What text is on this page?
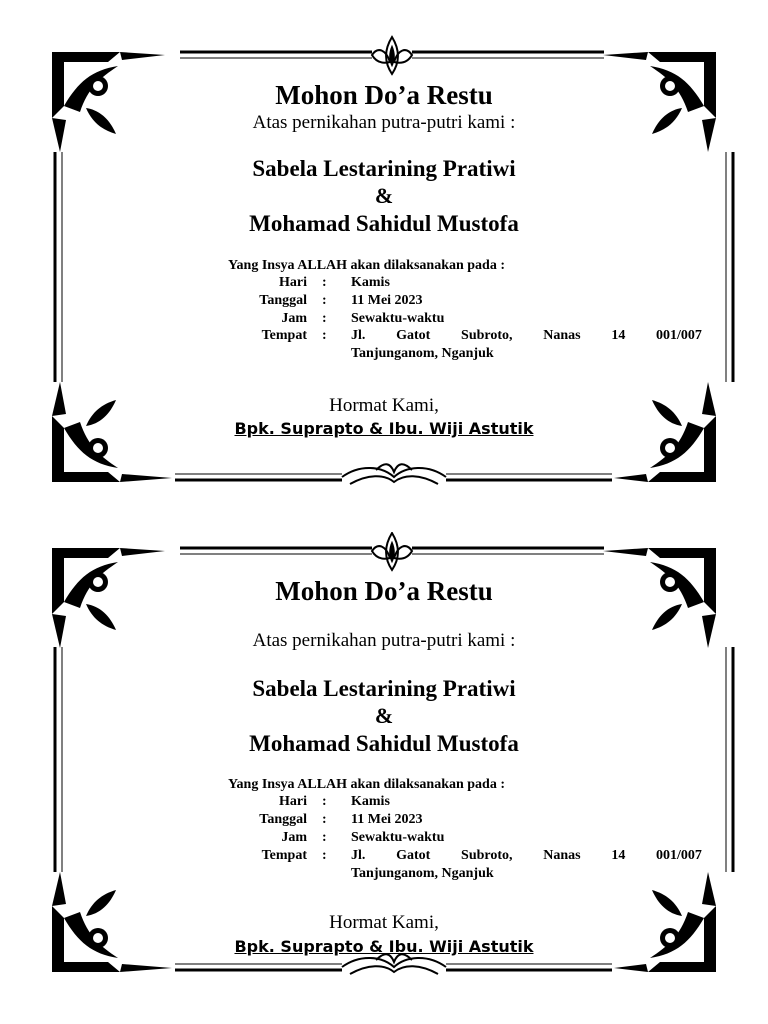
Mohon Do’a Restu
Atas pernikahan putra-putri kami :
Sabela Lestarining Pratiwi
&
Mohamad Sahidul Mustofa
Yang Insya ALLAH akan dilaksanakan pada :
Hari : Kamis
Tanggal : 11 Mei 2023
Jam : Sewaktu-waktu
Tempat : Jl. Gatot Subroto, Nanas 14 001/007
Tanjunganom, Nganjuk
Hormat Kami,
Bpk. Suprapto & Ibu. Wiji Astutik
Mohon Do’a Restu
Atas pernikahan putra-putri kami :
Sabela Lestarining Pratiwi
&
Mohamad Sahidul Mustofa
Yang Insya ALLAH akan dilaksanakan pada :
Hari : Kamis
Tanggal : 11 Mei 2023
Jam : Sewaktu-waktu
Tempat : Jl. Gatot Subroto, Nanas 14 001/007
Tanjunganom, Nganjuk
Hormat Kami,
Bpk. Suprapto & Ibu. Wiji Astutik
